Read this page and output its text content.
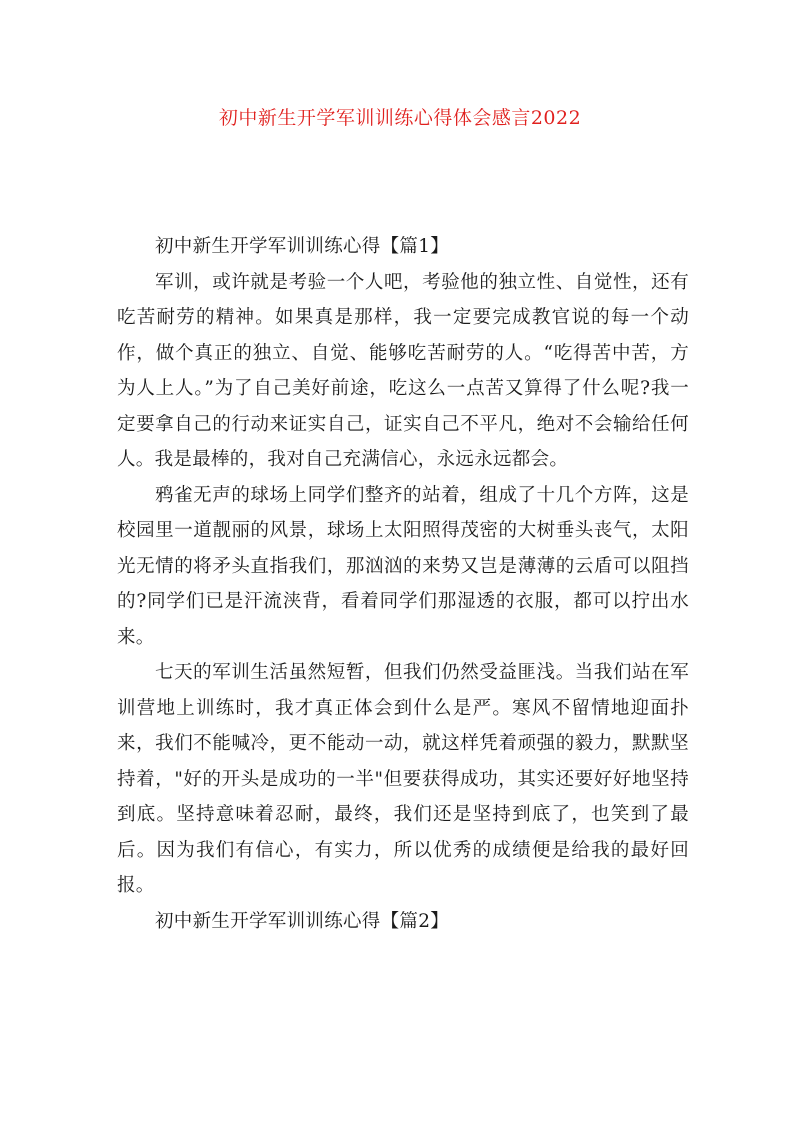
初中新生开学军训训练心得体会感言2022

初中新生开学军训训练心得【篇1】

军训，或许就是考验一个人吧，考验他的独立性、自觉性，还有吃苦耐劳的精神。如果真是那样，我一定要完成教官说的每一个动作，做个真正的独立、自觉、能够吃苦耐劳的人。“吃得苦中苦，方为人上人。”为了自己美好前途，吃这么一点苦又算得了什么呢?我一定要拿自己的行动来证实自己，证实自己不平凡，绝对不会输给任何人。我是最棒的，我对自己充满信心，永远永远都会。

鸦雀无声的球场上同学们整齐的站着，组成了十几个方阵，这是校园里一道靓丽的风景，球场上太阳照得茂密的大树垂头丧气，太阳光无情的将矛头直指我们，那汹汹的来势又岂是薄薄的云盾可以阻挡的?同学们已是汗流浃背，看着同学们那湿透的衣服，都可以拧出水来。

七天的军训生活虽然短暂，但我们仍然受益匪浅。当我们站在军训营地上训练时，我才真正体会到什么是严。寒风不留情地迎面扑来，我们不能喊冷，更不能动一动，就这样凭着顽强的毅力，默默坚持着，"好的开头是成功的一半"但要获得成功，其实还要好好地坚持到底。坚持意味着忍耐，最终，我们还是坚持到底了，也笑到了最后。因为我们有信心，有实力，所以优秀的成绩便是给我的最好回报。

初中新生开学军训训练心得【篇2】
